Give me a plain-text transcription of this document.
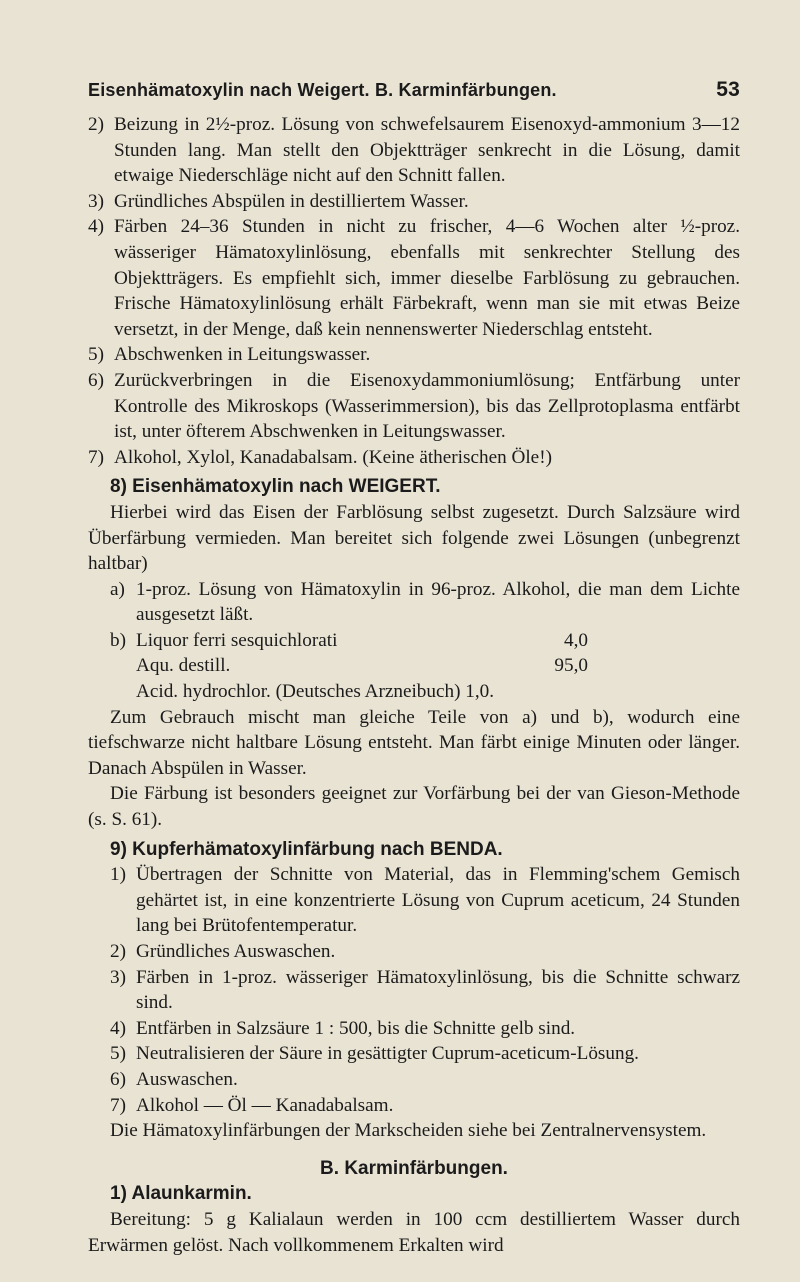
Eisenhämatoxylin nach Weigert. B. Karminfärbungen.	53
2) Beizung in 2½-proz. Lösung von schwefelsaurem Eisenoxyd-ammonium 3—12 Stunden lang. Man stellt den Objektträger senkrecht in die Lösung, damit etwaige Niederschläge nicht auf den Schnitt fallen.
3) Gründliches Abspülen in destilliertem Wasser.
4) Färben 24–36 Stunden in nicht zu frischer, 4—6 Wochen alter ½-proz. wässeriger Hämatoxylinlösung, ebenfalls mit senkrechter Stellung des Objektträgers. Es empfiehlt sich, immer dieselbe Farblösung zu gebrauchen. Frische Hämatoxylinlösung erhält Färbekraft, wenn man sie mit etwas Beize versetzt, in der Menge, daß kein nennenswerter Niederschlag entsteht.
5) Abschwenken in Leitungswasser.
6) Zurückverbringen in die Eisenoxydammoniumlösung; Entfärbung unter Kontrolle des Mikroskops (Wasserimmersion), bis das Zellprotoplasma entfärbt ist, unter öfterem Abschwenken in Leitungswasser.
7) Alkohol, Xylol, Kanadabalsam. (Keine ätherischen Öle!)
8) Eisenhämatoxylin nach WEIGERT.
Hierbei wird das Eisen der Farblösung selbst zugesetzt. Durch Salzsäure wird Überfärbung vermieden. Man bereitet sich folgende zwei Lösungen (unbegrenzt haltbar)
a) 1-proz. Lösung von Hämatoxylin in 96-proz. Alkohol, die man dem Lichte ausgesetzt läßt.
b) Liquor ferri sesquichlorati	4,0
Aqu. destill.	95,0
Acid. hydrochlor. (Deutsches Arzneibuch) 1,0.
Zum Gebrauch mischt man gleiche Teile von a) und b), wodurch eine tiefschwarze nicht haltbare Lösung entsteht. Man färbt einige Minuten oder länger. Danach Abspülen in Wasser.
Die Färbung ist besonders geeignet zur Vorfärbung bei der van Gieson-Methode (s. S. 61).
9) Kupferhämatoxylinfärbung nach BENDA.
1) Übertragen der Schnitte von Material, das in Flemming'schem Gemisch gehärtet ist, in eine konzentrierte Lösung von Cuprum aceticum, 24 Stunden lang bei Brütofentemperatur.
2) Gründliches Auswaschen.
3) Färben in 1-proz. wässeriger Hämatoxylinlösung, bis die Schnitte schwarz sind.
4) Entfärben in Salzsäure 1 : 500, bis die Schnitte gelb sind.
5) Neutralisieren der Säure in gesättigter Cuprum-aceticum-Lösung.
6) Auswaschen.
7) Alkohol — Öl — Kanadabalsam.
Die Hämatoxylinfärbungen der Markscheiden siehe bei Zentralnervensystem.
B. Karminfärbungen.
1) Alaunkarmin.
Bereitung: 5 g Kalialaun werden in 100 ccm destilliertem Wasser durch Erwärmen gelöst. Nach vollkommenem Erkalten wird
